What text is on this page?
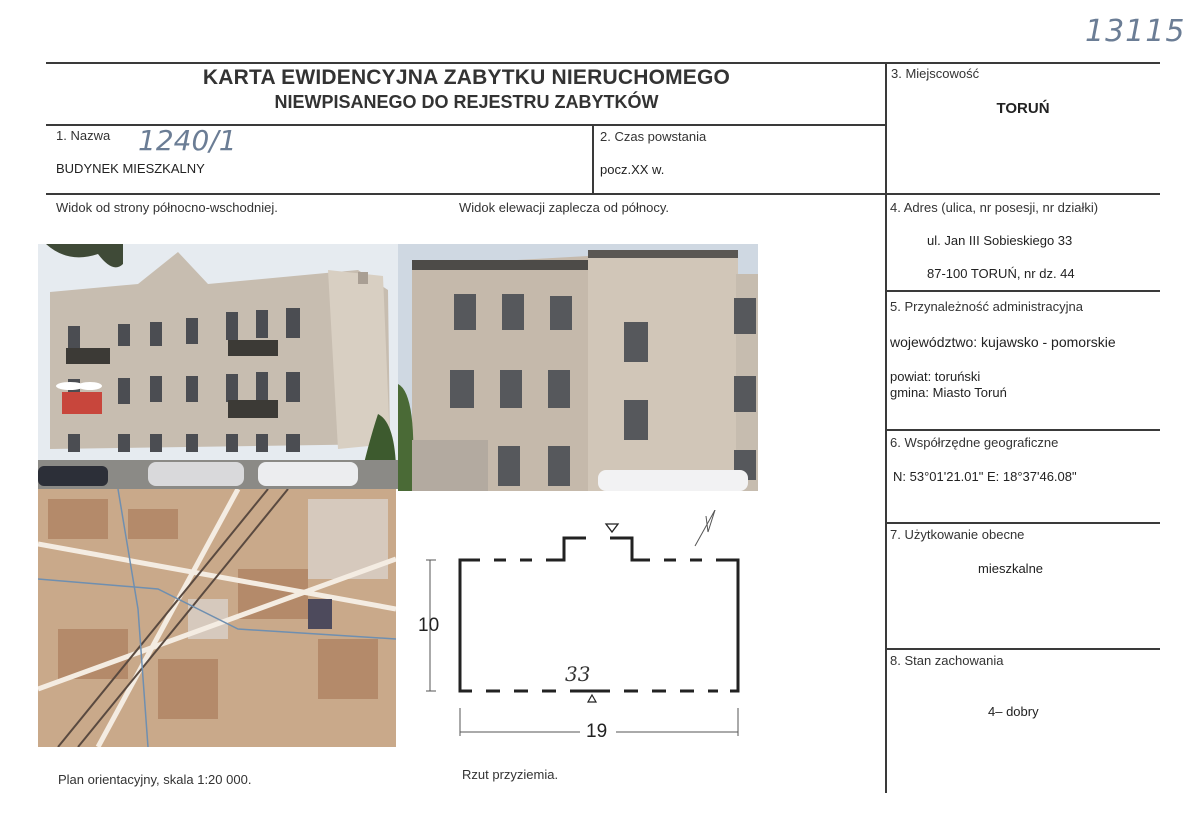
13115
KARTA EWIDENCYJNA ZABYTKU NIERUCHOMEGO
NIEWPISANEGO DO REJESTRU ZABYTKÓW
1. Nazwa 1240/1
BUDYNEK MIESZKALNY
2. Czas powstania
pocz.XX w.
3. Miejscowość
TORUŃ
4. Adres (ulica, nr posesji, nr działki)
ul. Jan III Sobieskiego 33
87-100 TORUŃ, nr dz. 44
5. Przynależność administracyjna
województwo: kujawsko - pomorskie
powiat: toruński
gmina: Miasto Toruń
6. Współrzędne geograficzne
N: 53°01'21.01" E: 18°37'46.08"
7. Użytkowanie obecne
mieszkalne
8. Stan zachowania
4– dobry
Widok od strony północno-wschodniej.	Widok elewacji zaplecza od północy.
Plan orientacyjny, skala 1:20 000.	Rzut przyziemia.
33
10
19
